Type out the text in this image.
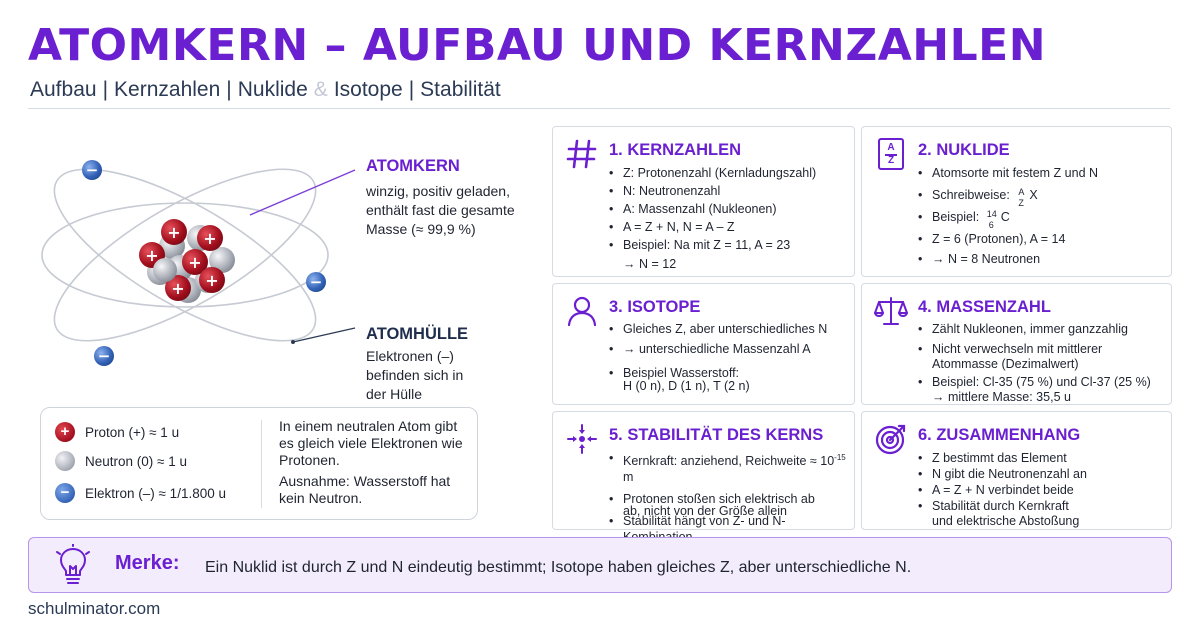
ATOMKERN – AUFBAU UND KERNZAHLEN
Aufbau | Kernzahlen | Nuklide & Isotope | Stabilität
+
+ +
+
+
+
−
−
−
ATOMKERN
winzig, positiv geladen, enthält fast die gesamte Masse (≈ 99,9 %)
ATOMHÜLLE
Elektronen (–) befinden sich in der Hülle
+	Proton (+) ≈ 1 u
Neutron (0) ≈ 1 u
−	Elektron (–) ≈ 1/1.800 u
In einem neutralen Atom gibt es gleich viele Elektronen wie Protonen.
Ausnahme: Wasserstoff hat kein Neutron.
1. KERNZAHLEN
• Z: Protonenzahl (Kernladungszahl)
• N: Neutronenzahl
• A: Massenzahl (Nukleonen)
• A = Z + N, N = A – Z
• Beispiel: Na mit Z = 11, A = 23
→ N = 12
A
Z
2. NUKLIDE
• Atomsorte mit festem Z und N
• Schreibweise: A
Z
X
• Beispiel: 14
6
C
• Z = 6 (Protonen), A = 14
• → N = 8 Neutronen
3. ISOTOPE
• Gleiches Z, aber unterschiedliches N
• → unterschiedliche Massenzahl A
• Beispiel Wasserstoff:
H (0 n), D (1 n), T (2 n)
4. MASSENZAHL
• Zählt Nukleonen, immer ganzzahlig
• Nicht verwechseln mit mittlerer
Atommasse (Dezimalwert)
• Beispiel: Cl-35 (75 %) und Cl-37 (25 %)
→ mittlere Masse: 35,5 u
5. STABILITÄT DES KERNS
• Kernkraft: anziehend, Reichweite ≈ $10^{-15}$ m
• Protonen stoßen sich elektrisch ab
• Stabilität hängt von Z- und N-
ab, nicht von der Größe allein
6. ZUSAMMENHANG
• Z bestimmt das Element
• N gibt die Neutronenzahl an
• A = Z + N verbindet beide
• Stabilität durch Kernkraft
und elektrische Abstoßung
Merke: Ein Nuklid ist durch Z und N eindeutig bestimmt; Isotope haben gleiches Z, aber unterschiedliche N.
schulminator.com
